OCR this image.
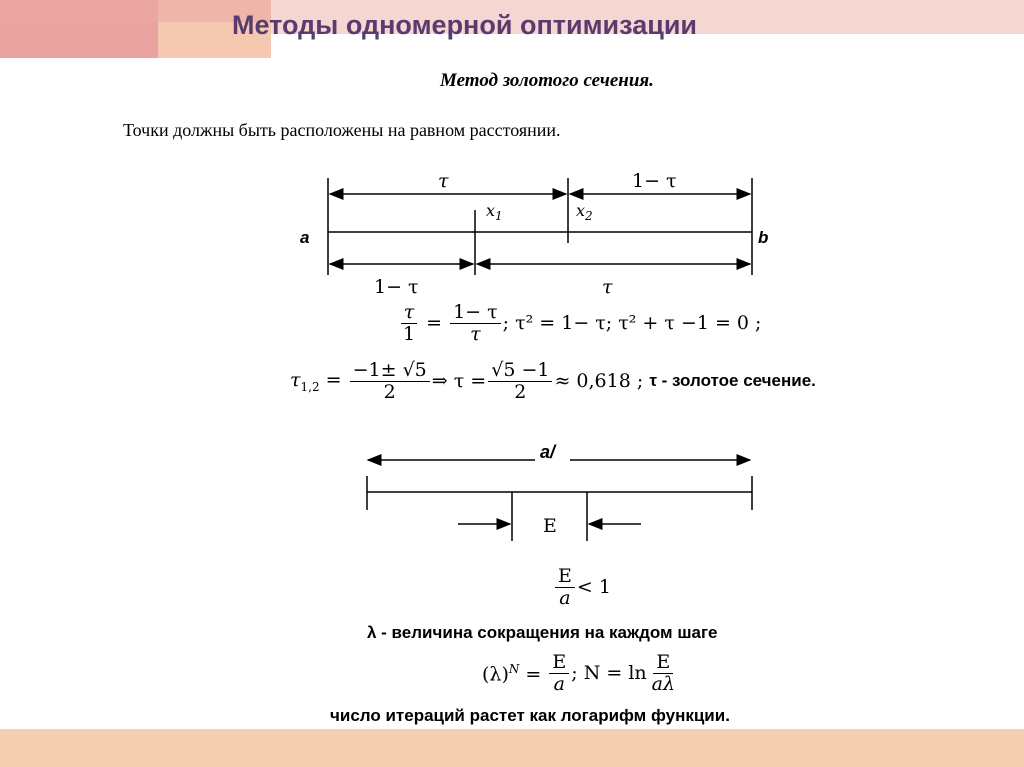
Методы одномерной оптимизации
Метод золотого сечения.
Точки должны быть расположены на равном расстоянии.
a	b
τ	1− τ
$x_1$	$x_2$
1− τ	τ
$\frac{\tau}{1} = \frac{1- \tau}{\tau}$ ; τ² = 1− τ; τ² + τ −1 = 0 ;
$\tau_{1,2} = \frac{-1\pm √5}{2}$ ⇒ $\tau = \frac{√5 -1}{2} \approx 0,618$ ;
τ - золотое сечение.
a/
E
$\frac{E}{a} < 1$
λ - величина сокращения на каждом шаге
$(\lambda)^N = \frac{E}{a}$ ; $N = \ln \frac{E}{a\lambda}$
число итераций растет как логарифм функции.
